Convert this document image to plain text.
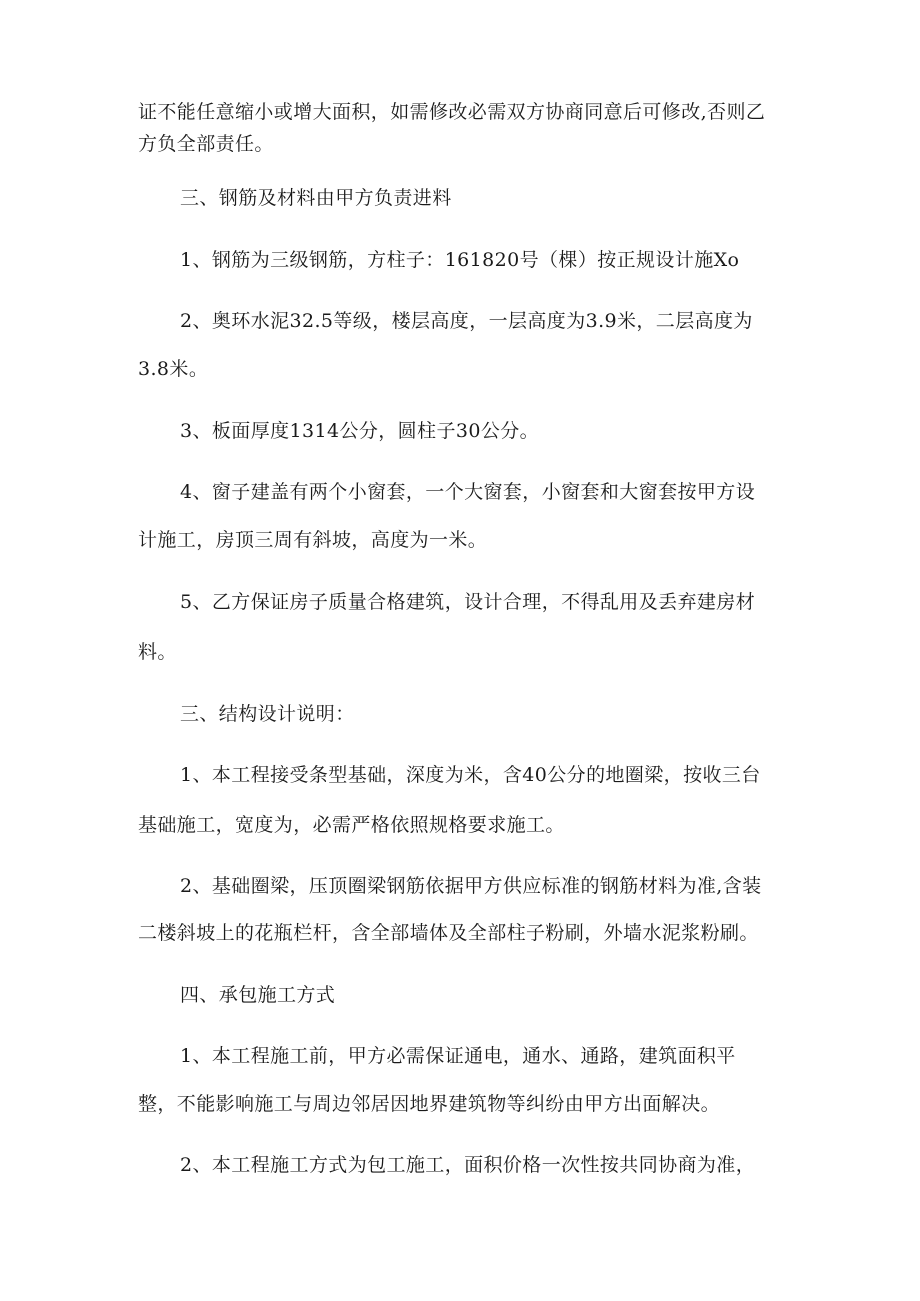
证不能任意缩小或增大面积，如需修改必需双方协商同意后可修改,否则乙

方负全部责任。

三、钢筋及材料由甲方负责进料

1、钢筋为三级钢筋，方柱子：161820号（棵）按正规设计施Xo

2、奥环水泥32.5等级，楼层高度，一层高度为3.9米，二层高度为

3.8米。

3、板面厚度1314公分，圆柱子30公分。

4、窗子建盖有两个小窗套，一个大窗套，小窗套和大窗套按甲方设

计施工，房顶三周有斜坡，高度为一米。

5、乙方保证房子质量合格建筑，设计合理，不得乱用及丢弃建房材

料。

三、结构设计说明：

1、本工程接受条型基础，深度为米，含40公分的地圈梁，按收三台

基础施工，宽度为，必需严格依照规格要求施工。

2、基础圈梁，压顶圈梁钢筋依据甲方供应标准的钢筋材料为准,含装

二楼斜坡上的花瓶栏杆，含全部墙体及全部柱子粉刷，外墙水泥浆粉刷。

四、承包施工方式

1、本工程施工前，甲方必需保证通电，通水、通路，建筑面积平

整，不能影响施工与周边邻居因地界建筑物等纠纷由甲方出面解决。

2、本工程施工方式为包工施工，面积价格一次性按共同协商为准，
